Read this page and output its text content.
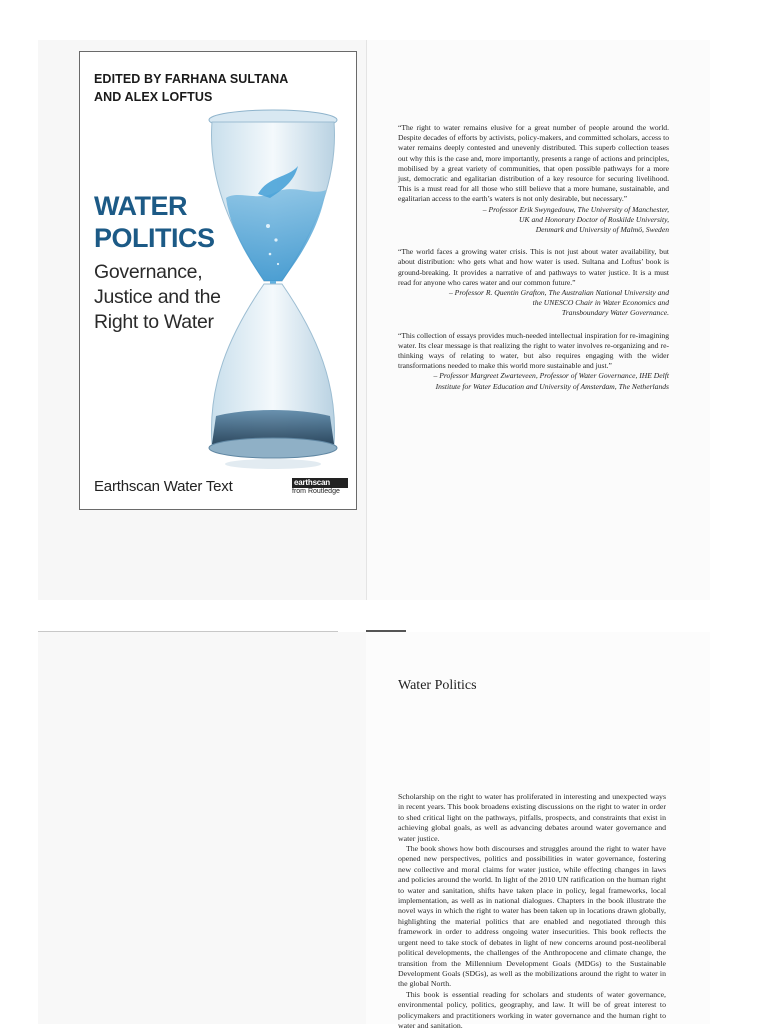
EDITED BY FARHANA SULTANA
AND ALEX LOFTUS
WATER
POLITICS
Governance,
Justice and the
Right to Water
Earthscan Water Text	earthscan
from Routledge

“The right to water remains elusive for a great number of people around the world. Despite decades of efforts by activists, policy-makers, and committed scholars, access to water remains deeply contested and unevenly distributed. This superb collection teases out why this is the case and, more importantly, presents a range of actions and principles, mobilised by a great variety of communities, that open possible pathways for a more just, democratic and egalitarian distribution of a key resource for securing livelihood. This is a must read for all those who still believe that a more humane, sustainable, and egalitarian access to the earth’s waters is not only desirable, but necessary.”

– Professor Erik Swyngedouw, The University of Manchester,

UK and Honorary Doctor of Roskilde University,

Denmark and University of Malmö, Sweden

“The world faces a growing water crisis. This is not just about water availability, but about distribution: who gets what and how water is used. Sultana and Loftus’ book is ground-breaking. It provides a narrative of and pathways to water justice. It is a must read for anyone who cares water and our common future.”

– Professor R. Quentin Grafton, The Australian National University and

the UNESCO Chair in Water Economics and

Transboundary Water Governance.

“This collection of essays provides much-needed intellectual inspiration for re-imagining water. Its clear message is that realizing the right to water involves re-organizing and re-thinking ways of relating to water, but also requires engaging with the wider transformations needed to make this world more sustainable and just.”

– Professor Margreet Zwarteveen, Professor of Water Governance, IHE Delft

Institute for Water Education and University of Amsterdam, The Netherlands

Water Politics

Scholarship on the right to water has proliferated in interesting and unexpected ways in recent years. This book broadens existing discussions on the right to water in order to shed critical light on the pathways, pitfalls, prospects, and constraints that exist in achieving global goals, as well as advancing debates around water governance and water justice.

The book shows how both discourses and struggles around the right to water have opened new perspectives, politics and possibilities in water governance, fostering new collective and moral claims for water justice, while effecting changes in laws and policies around the world. In light of the 2010 UN ratification on the human right to water and sanitation, shifts have taken place in policy, legal frameworks, local implementation, as well as in national dialogues. Chapters in the book illustrate the novel ways in which the right to water has been taken up in locations drawn globally, highlighting the material politics that are enabled and negotiated through this framework in order to address ongoing water insecurities. This book reflects the urgent need to take stock of debates in light of new concerns around post-neoliberal political developments, the challenges of the Anthropocene and climate change, the transition from the Millennium Development Goals (MDGs) to the Sustainable Development Goals (SDGs), as well as the mobilizations around the right to water in the global North.

This book is essential reading for scholars and students of water governance, environmental policy, politics, geography, and law. It will be of great interest to policymakers and practitioners working in water governance and the human right to water and sanitation.
